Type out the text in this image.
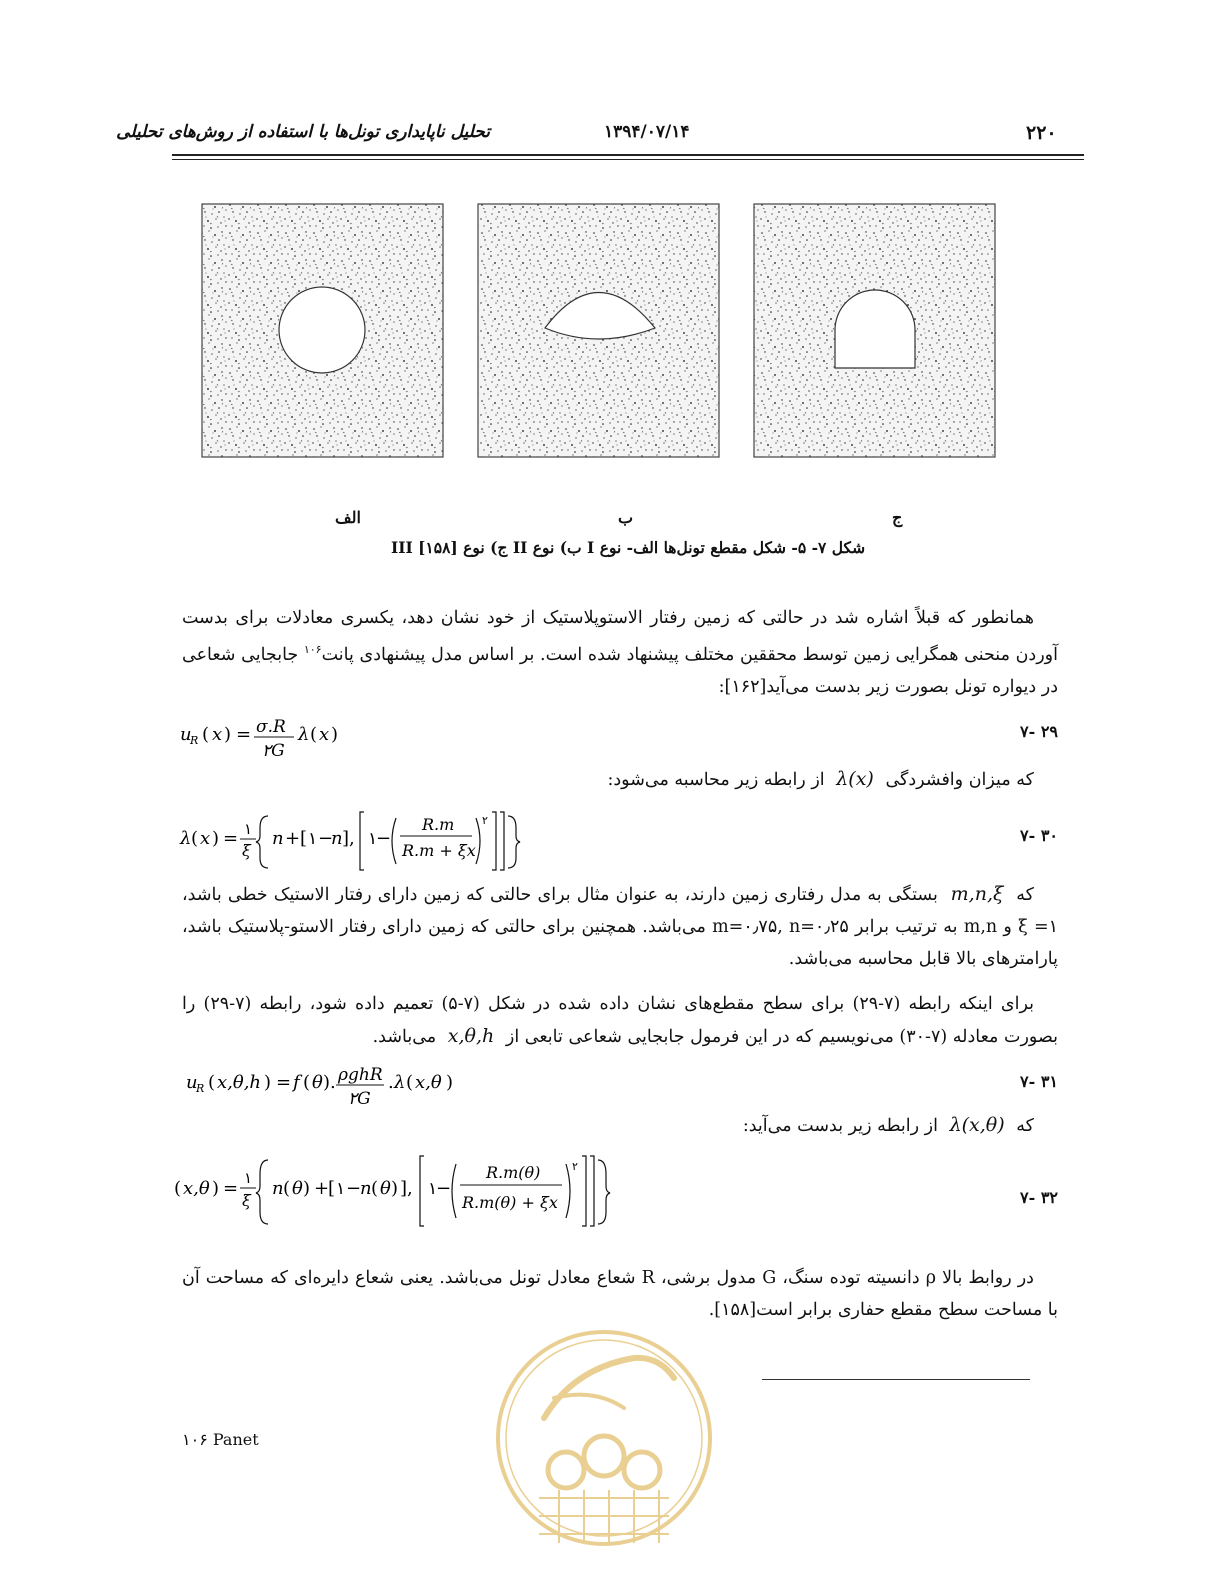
تحلیل ناپایداری تونل‌ها با استفاده از روش‌های تحلیلی	۱۳۹۴/۰۷/۱۴	۲۲۰
الف	ب	ج
شکل ۷- ۵- شکل مقطع تونل‌ها الف- نوع I ب) نوع II ج) نوع III [۱۵۸]
همانطور که قبلاً اشاره شد در حالتی که زمین رفتار الاستوپلاستیک از خود نشان دهد، یکسری معادلات برای بدست آوردن منحنی همگرایی زمین توسط محققین مختلف پیشنهاد شده است. بر اساس مدل پیشنهادی پانت$^{۱۰۶}$ جابجایی شعاعی در دیواره تونل بصورت زیر بدست می‌آید[۱۶۲]:
u
R ( x ) = σ.R
۲G
λ ( x )	۲۹ -۷
که میزان وافشردگی  λ(x)  از رابطه زیر محاسبه می‌شود:
λ ( x ) = ۱
ξ
n + [ ۱ −
n ], ۱
−
R.m
R.m + ξx
۲
۳۰ -۷
که  m,n,ξ  بستگی به مدل رفتاری زمین دارند، به عنوان مثال برای حالتی که زمین دارای رفتار الاستیک خطی باشد، ۱= ξ و m,n به ترتیب برابر m=۰٫۷۵, n=۰٫۲۵ می‌باشد. همچنین برای حالتی که زمین دارای رفتار الاستو-پلاستیک باشد، پارامترهای بالا قابل محاسبه می‌باشد.
برای اینکه رابطه (۷-۲۹) برای سطح مقطع‌های نشان داده شده در شکل (۷-۵) تعمیم داده شود، رابطه (۷-۲۹) را بصورت معادله (۷-۳۰) می‌نویسیم که در این فرمول جابجایی شعاعی تابعی از  x,θ,h  می‌باشد.
u
R ( x,θ,h ) = f ( θ ). ρghR
۲G
. λ ( x,θ )	۳۱ -۷
که  λ(x,θ)  از رابطه زیر بدست می‌آید:
( x,θ ) = ۱
ξ
n ( θ ) +
[ ۱ −
n ( θ ) ], ۱
−
R.m(θ)
R.m(θ) + ξx
۲
۳۲ -۷
در روابط بالا ρ دانسیته توده سنگ، G مدول برشی، R شعاع معادل تونل می‌باشد. یعنی شعاع دایره‌ای که مساحت آن با مساحت سطح مقطع حفاری برابر است[۱۵۸].
۱۰۶ Panet
